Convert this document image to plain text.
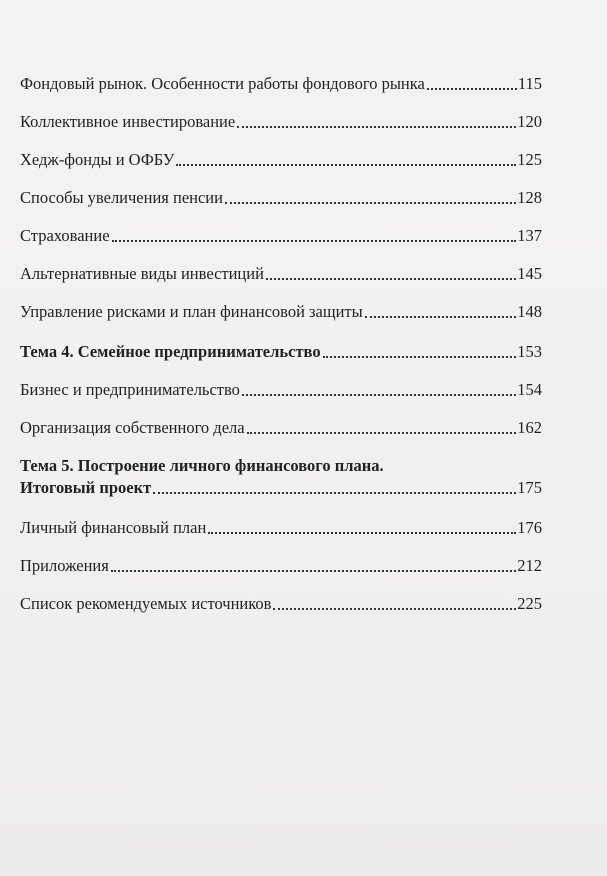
Фондовый рынок. Особенности работы фондового рынка	115
Коллективное инвестирование	120
Хедж-фонды и ОФБУ	125
Способы увеличения пенсии	128
Страхование	137
Альтернативные виды инвестиций	145
Управление рисками и план финансовой защиты	148
Тема 4. Семейное предпринимательство	153
Бизнес и предпринимательство	154
Организация собственного дела	162
Тема 5. Построение личного финансового плана.
Итоговый проект	175
Личный финансовый план	176
Приложения	212
Список рекомендуемых источников	225
